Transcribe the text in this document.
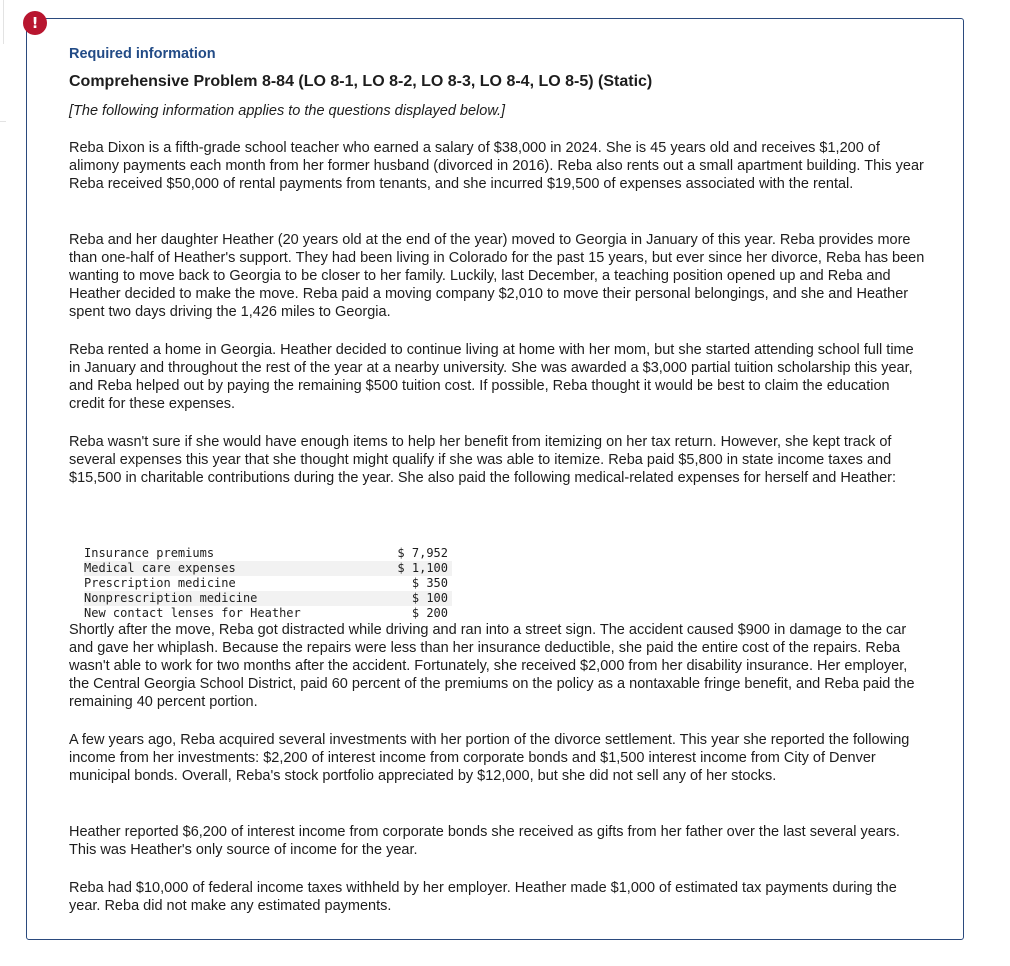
!

Required information

Comprehensive Problem 8-84 (LO 8-1, LO 8-2, LO 8-3, LO 8-4, LO 8-5) (Static)

[The following information applies to the questions displayed below.]

Reba Dixon is a fifth-grade school teacher who earned a salary of $38,000 in 2024. She is 45 years old and receives $1,200 of alimony payments each month from her former husband (divorced in 2016). Reba also rents out a small apartment building. This year Reba received $50,000 of rental payments from tenants, and she incurred $19,500 of expenses associated with the rental.

Reba and her daughter Heather (20 years old at the end of the year) moved to Georgia in January of this year. Reba provides more than one-half of Heather's support. They had been living in Colorado for the past 15 years, but ever since her divorce, Reba has been wanting to move back to Georgia to be closer to her family. Luckily, last December, a teaching position opened up and Reba and Heather decided to make the move. Reba paid a moving company $2,010 to move their personal belongings, and she and Heather spent two days driving the 1,426 miles to Georgia.

Reba rented a home in Georgia. Heather decided to continue living at home with her mom, but she started attending school full time in January and throughout the rest of the year at a nearby university. She was awarded a $3,000 partial tuition scholarship this year, and Reba helped out by paying the remaining $500 tuition cost. If possible, Reba thought it would be best to claim the education credit for these expenses.

Reba wasn't sure if she would have enough items to help her benefit from itemizing on her tax return. However, she kept track of several expenses this year that she thought might qualify if she was able to itemize. Reba paid $5,800 in state income taxes and $15,500 in charitable contributions during the year. She also paid the following medical-related expenses for herself and Heather:

Insurance premiums	$ 7,952
Medical care expenses	$ 1,100
Prescription medicine	$ 350
Nonprescription medicine	$ 100
New contact lenses for Heather	$ 200

Shortly after the move, Reba got distracted while driving and ran into a street sign. The accident caused $900 in damage to the car and gave her whiplash. Because the repairs were less than her insurance deductible, she paid the entire cost of the repairs. Reba wasn't able to work for two months after the accident. Fortunately, she received $2,000 from her disability insurance. Her employer, the Central Georgia School District, paid 60 percent of the premiums on the policy as a nontaxable fringe benefit, and Reba paid the remaining 40 percent portion.

A few years ago, Reba acquired several investments with her portion of the divorce settlement. This year she reported the following income from her investments: $2,200 of interest income from corporate bonds and $1,500 interest income from City of Denver municipal bonds. Overall, Reba's stock portfolio appreciated by $12,000, but she did not sell any of her stocks.

Heather reported $6,200 of interest income from corporate bonds she received as gifts from her father over the last several years. This was Heather's only source of income for the year.

Reba had $10,000 of federal income taxes withheld by her employer. Heather made $1,000 of estimated tax payments during the year. Reba did not make any estimated payments.
